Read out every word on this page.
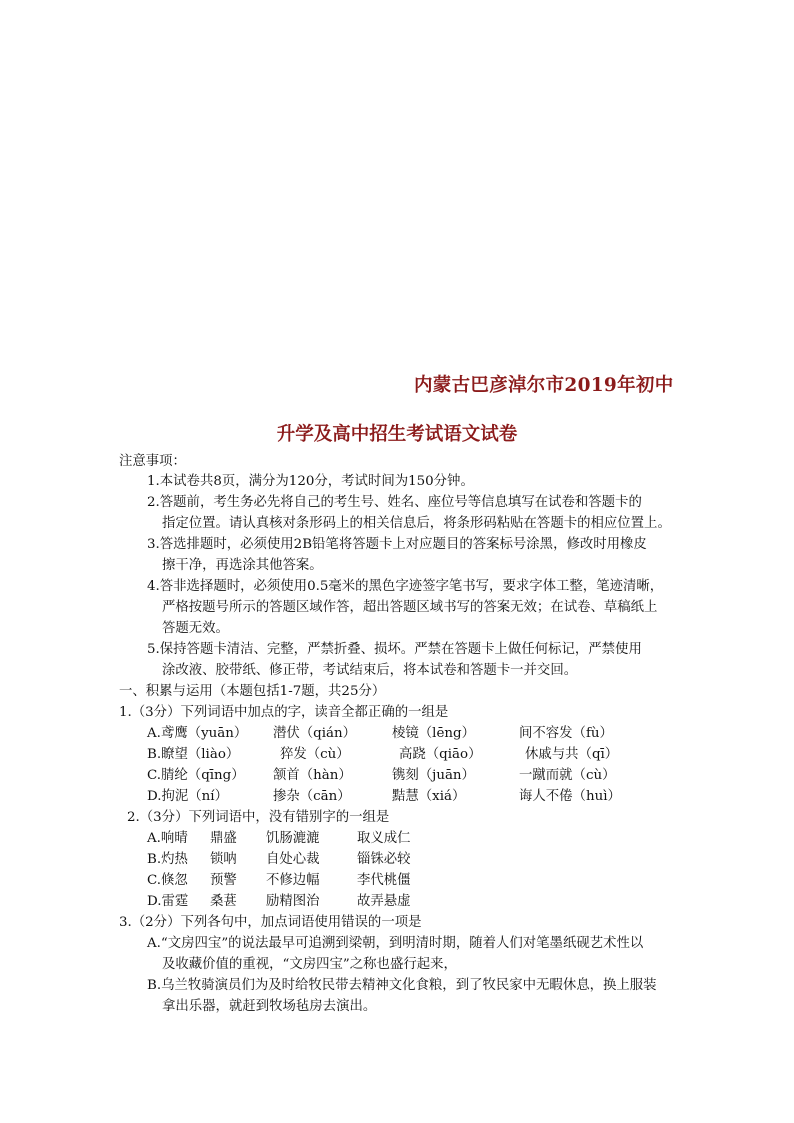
内蒙古巴彦淖尔市2019年初中
升学及高中招生考试语文试卷
注意事项：
1.本试卷共8页，满分为120分，考试时间为150分钟。
2.答题前，考生务必先将自己的考生号、姓名、座位号等信息填写在试卷和答题卡的
指定位置。请认真核对条形码上的相关信息后，将条形码粘贴在答题卡的相应位置上。
3.答选排题时，必须使用2B铅笔将答题卡上对应题目的答案标号涂黑，修改时用橡皮
擦干净，再选涂其他答案。
4.答非选择题时，必须使用0.5毫米的黑色字迹签字笔书写，要求字体工整，笔迹清晰，
严格按题号所示的答题区域作答，超出答题区域书写的答案无效；在试卷、草稿纸上
答题无效。
5.保持答题卡清洁、完整，严禁折叠、损坏。严禁在答题卡上做任何标记，严禁使用
涂改液、胶带纸、修正带，考试结束后，将本试卷和答题卡一并交回。
一、积累与运用（本题包括1-7题，共25分）
1.（3分）下列词语中加点的字，读音全都正确的一组是
A.鸢鹰（yuān） 潜伏（qián）	棱镜（lēng）	间不容发（fù）
B.瞭望（liào）	猝发（cù）	高跷（qiāo）	休戚与共（qī）
C.腈纶（qīng） 颔首（hàn）	镌刻（juān）	一蹴而就（cù）
D.拘泥（ní）	掺杂（cān）	黠慧（xiá）	诲人不倦（huì）
2.（3分）下列词语中，没有错别字的一组是
A.响晴 鼎盛 饥肠漉漉	取义成仁
B.灼热 锁呐 自处心裁	锱铢必较
C.倏忽 预警 不修边幅	李代桃僵
D.雷霆 桑葚 励精图治	故弄悬虚
3.（2分）下列各句中，加点词语使用错误的一项是
A.“文房四宝”的说法最早可追溯到梁朝，到明清时期，随着人们对笔墨纸砚艺术性以
及收藏价值的重视，“文房四宝”之称也盛行起来，
B.乌兰牧骑演员们为及时给牧民带去精神文化食粮，到了牧民家中无暇休息，换上服装
拿出乐器，就赶到牧场毡房去演出。
